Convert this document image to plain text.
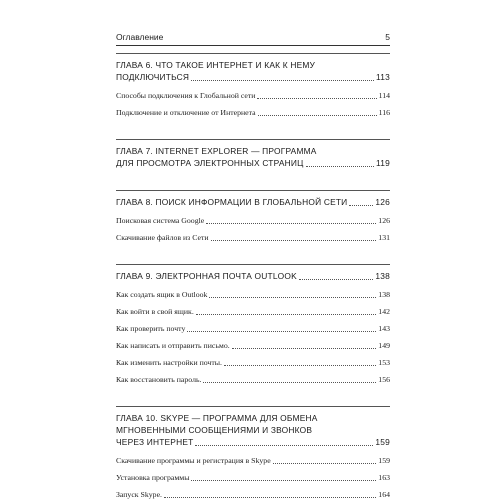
Оглавление	5
ГЛАВА 6. ЧТО ТАКОЕ ИНТЕРНЕТ И КАК К НЕМУ
ПОДКЛЮЧИТЬСЯ	113
Способы подключения к Глобальной сети	114
Подключение и отключение от Интернета	116
ГЛАВА 7. INTERNET EXPLORER — ПРОГРАММА
ДЛЯ ПРОСМОТРА ЭЛЕКТРОННЫХ СТРАНИЦ	119
ГЛАВА 8. ПОИСК ИНФОРМАЦИИ В ГЛОБАЛЬНОЙ СЕТИ	126
Поисковая система Google	126
Скачивание файлов из Сети	131
ГЛАВА 9. ЭЛЕКТРОННАЯ ПОЧТА OUTLOOK	138
Как создать ящик в Outlook	138
Как войти в свой ящик.	142
Как проверить почту	143
Как написать и отправить письмо.	149
Как изменить настройки почты.	153
Как восстановить пароль.	156
ГЛАВА 10. SKYPE — ПРОГРАММА ДЛЯ ОБМЕНА
МГНОВЕННЫМИ СООБЩЕНИЯМИ И ЗВОНКОВ
ЧЕРЕЗ ИНТЕРНЕТ	159
Скачивание программы и регистрация в Skype	159
Установка программы	163
Запуск Skype.	164
